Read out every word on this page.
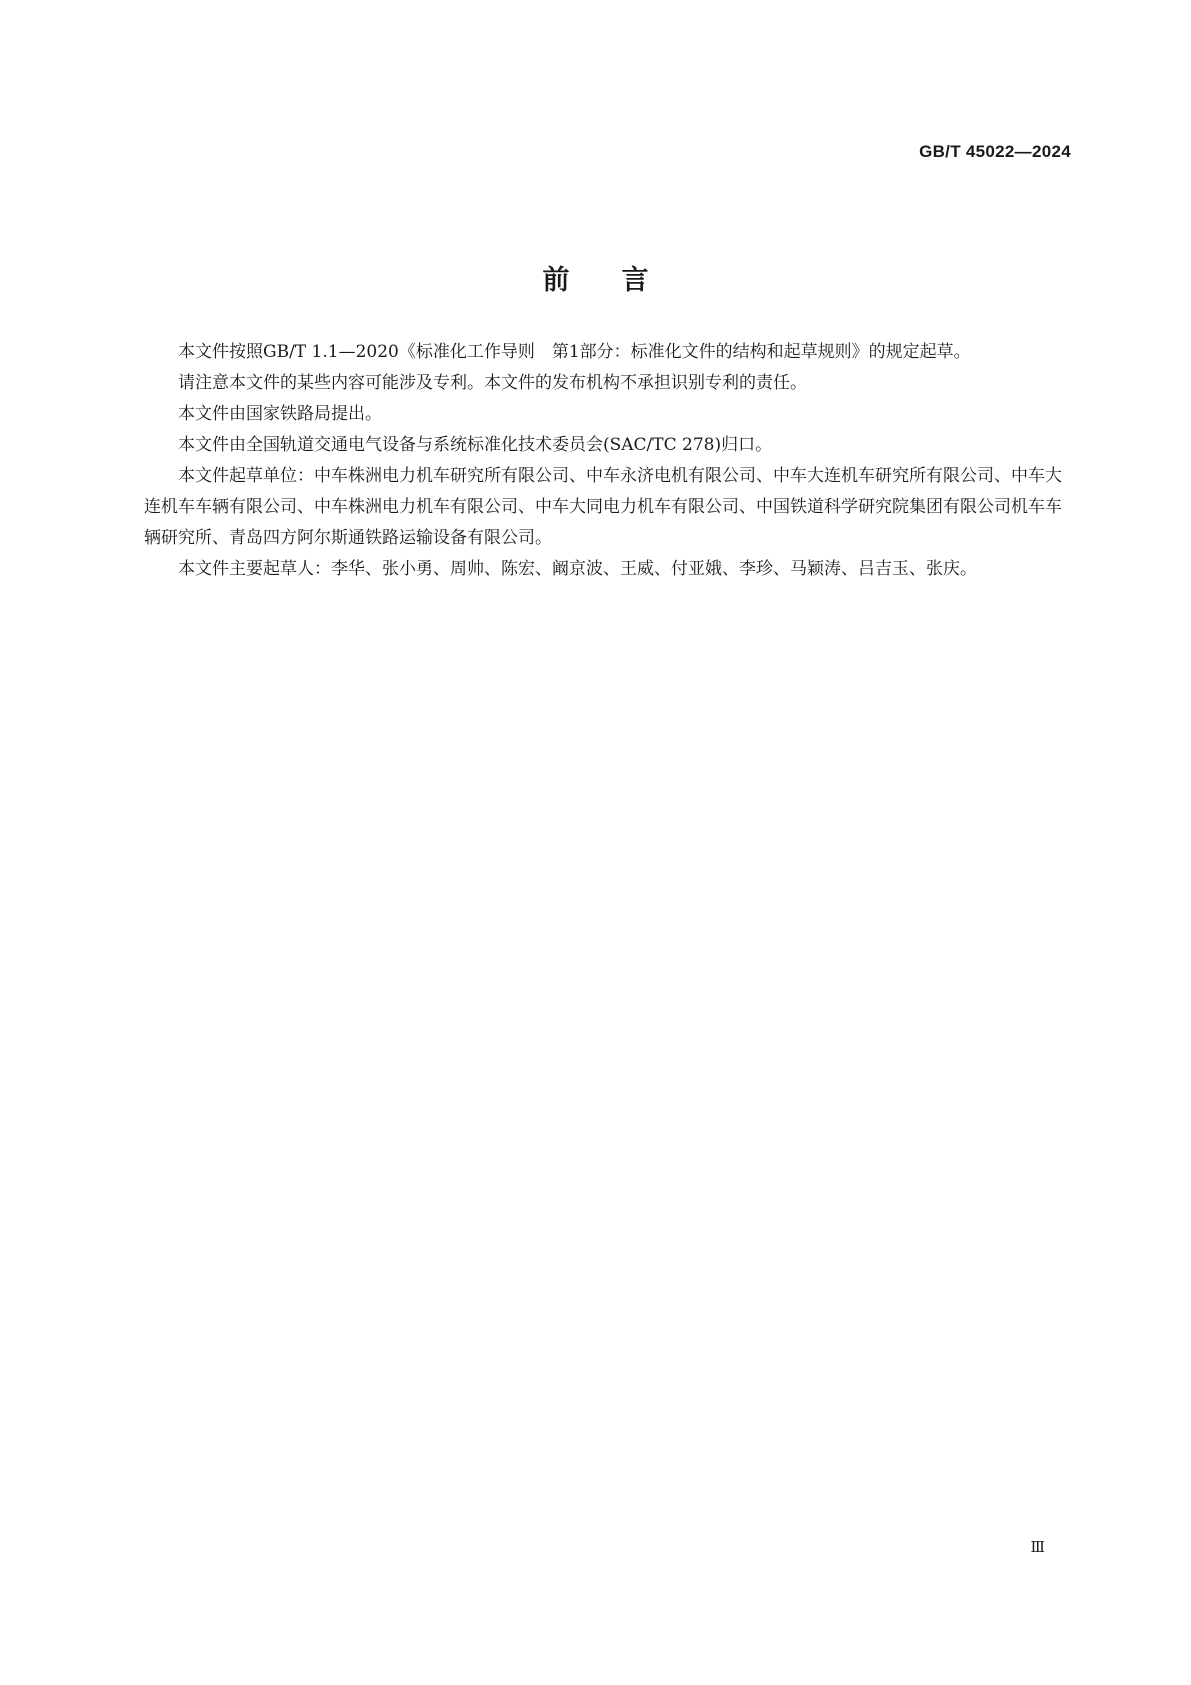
GB/T 45022—2024
前言

本文件按照GB/T 1.1—2020《标准化工作导则　第1部分：标准化文件的结构和起草规则》的规定起草。

请注意本文件的某些内容可能涉及专利。本文件的发布机构不承担识别专利的责任。

本文件由国家铁路局提出。

本文件由全国轨道交通电气设备与系统标准化技术委员会(SAC/TC 278)归口。

本文件起草单位：中车株洲电力机车研究所有限公司、中车永济电机有限公司、中车大连机车研究所有限公司、中车大连机车车辆有限公司、中车株洲电力机车有限公司、中车大同电力机车有限公司、中国铁道科学研究院集团有限公司机车车辆研究所、青岛四方阿尔斯通铁路运输设备有限公司。

本文件主要起草人：李华、张小勇、周帅、陈宏、阚京波、王威、付亚娥、李珍、马颖涛、吕吉玉、张庆。

Ⅲ
